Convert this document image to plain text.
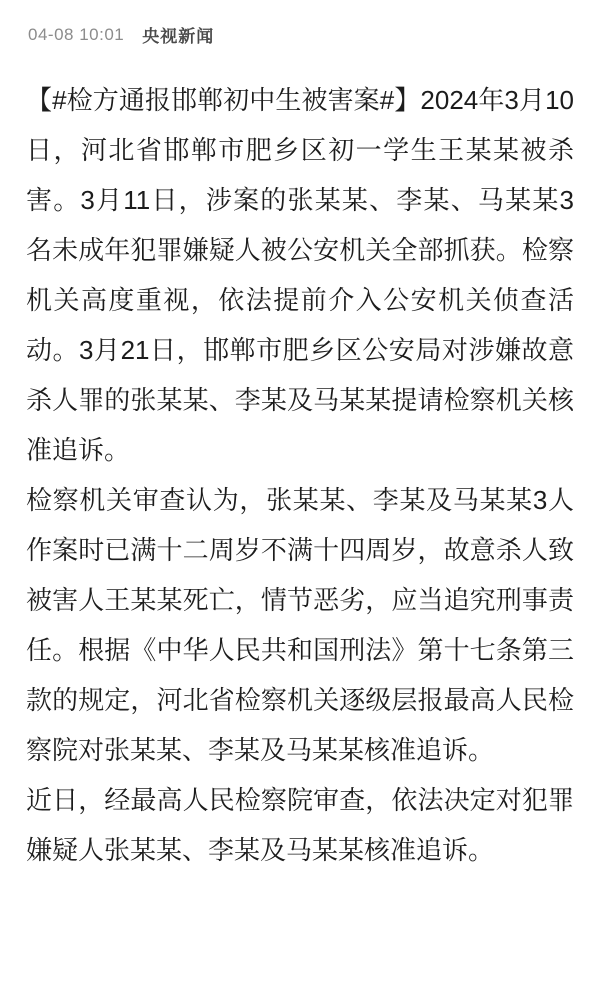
04-08 10:01 央视新闻

【#检方通报邯郸初中生被害案#】2024年3月10日，河北省邯郸市肥乡区初一学生王某某被杀害。3月11日，涉案的张某某、李某、马某某3名未成年犯罪嫌疑人被公安机关全部抓获。检察机关高度重视，依法提前介入公安机关侦查活动。3月21日，邯郸市肥乡区公安局对涉嫌故意杀人罪的张某某、李某及马某某提请检察机关核准追诉。

检察机关审查认为，张某某、李某及马某某3人作案时已满十二周岁不满十四周岁，故意杀人致被害人王某某死亡，情节恶劣，应当追究刑事责任。根据《中华人民共和国刑法》第十七条第三款的规定，河北省检察机关逐级层报最高人民检察院对张某某、李某及马某某核准追诉。

近日，经最高人民检察院审查，依法决定对犯罪嫌疑人张某某、李某及马某某核准追诉。
